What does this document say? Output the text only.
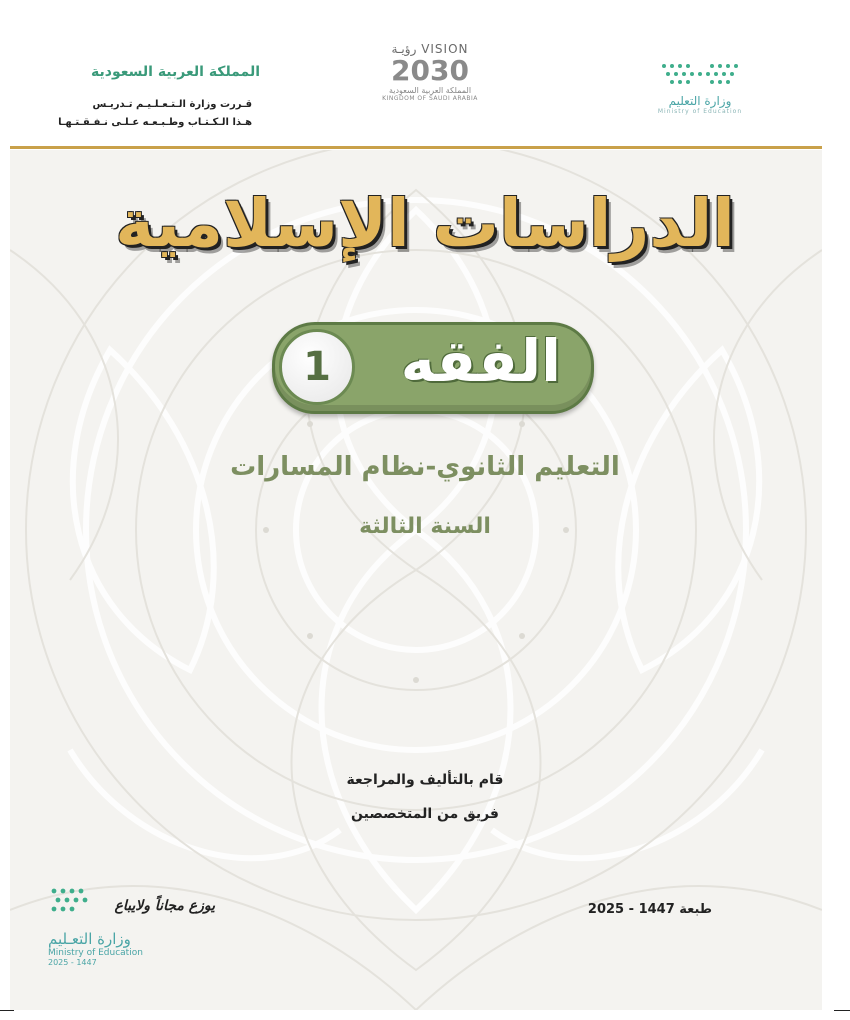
المملكة العربية السعودية
قـررت وزارة الـتـعـلـيـم تـدريـس
هـذا الـكـتـاب وطـبـعـه عـلـى نـفـقـتـهـا
VISION رؤيـة
2030
المملكة العربية السعودية
KINGDOM OF SAUDI ARABIA	وزارة التعليم
Ministry of Education
الدراسات الإسلامية
الفقه
1
التعليم الثانوي-نظام المسارات
السنة الثالثة
قام بالتأليف والمراجعة
فريق من المتخصصين
طبعة 1447 - 2025
يوزع مجاناً ولايباع
وزارة التعـليم
Ministry of Education
2025 - 1447
